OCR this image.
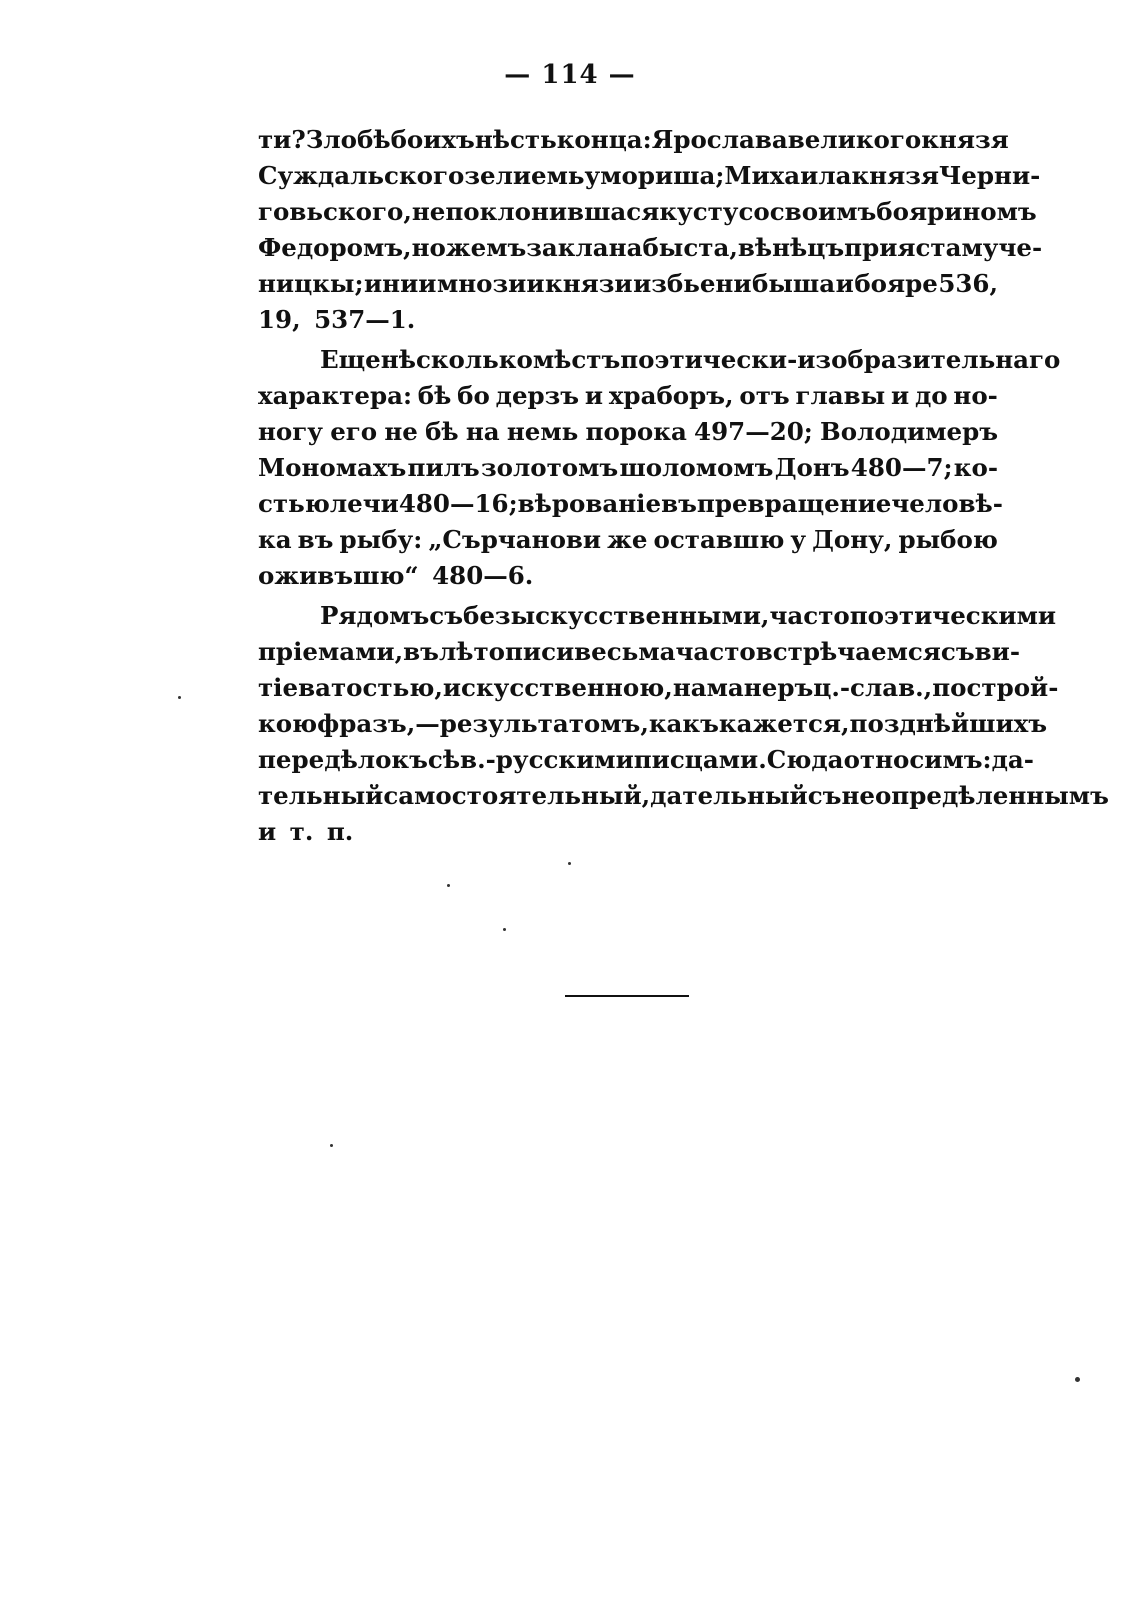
— 114 —
ти? Злобѣ бо ихъ нѣсть конца: Ярослава великого князя
Суждальского зелиемь умориша; Михаила князя Черни-
говьского, не поклонившася кусту со своимъ бояриномъ
Федоромъ, ножемъ заклана быста, вѣнѣцъ прияста муче-
ницкы; инии мнозии князи избьени быша и бояре 536,
19, 537—1.
Еще нѣсколько мѣстъ поэтически-изобразительнаго
характера: бѣ бо дерзъ и храборъ, отъ главы и до но-
ногу его не бѣ на немь порока 497—20; Володимеръ
Мономахъ пилъ золотомъ шоломомъ Донъ 480—7; ко-
стью лечи 480—16; вѣрованіе въ превращение человѣ-
ка въ рыбу: „Сърчанови же оставшю у Дону, рыбою
оживъшю“ 480—6.
Рядомъ съ безыскусственными, часто поэтическими
пріемами, въ лѣтописи весьма часто встрѣчаемся съ ви-
тіеватостью, искусственною, на манеръ ц.-слав., построй-
кою фразъ, — результатомъ, какъ кажется, позднѣйшихъ
передѣлокъ сѣв.-русскими писцами. Сюда относимъ: да-
тельный самостоятельный, дательный съ неопредѣленнымъ
и т. п.
